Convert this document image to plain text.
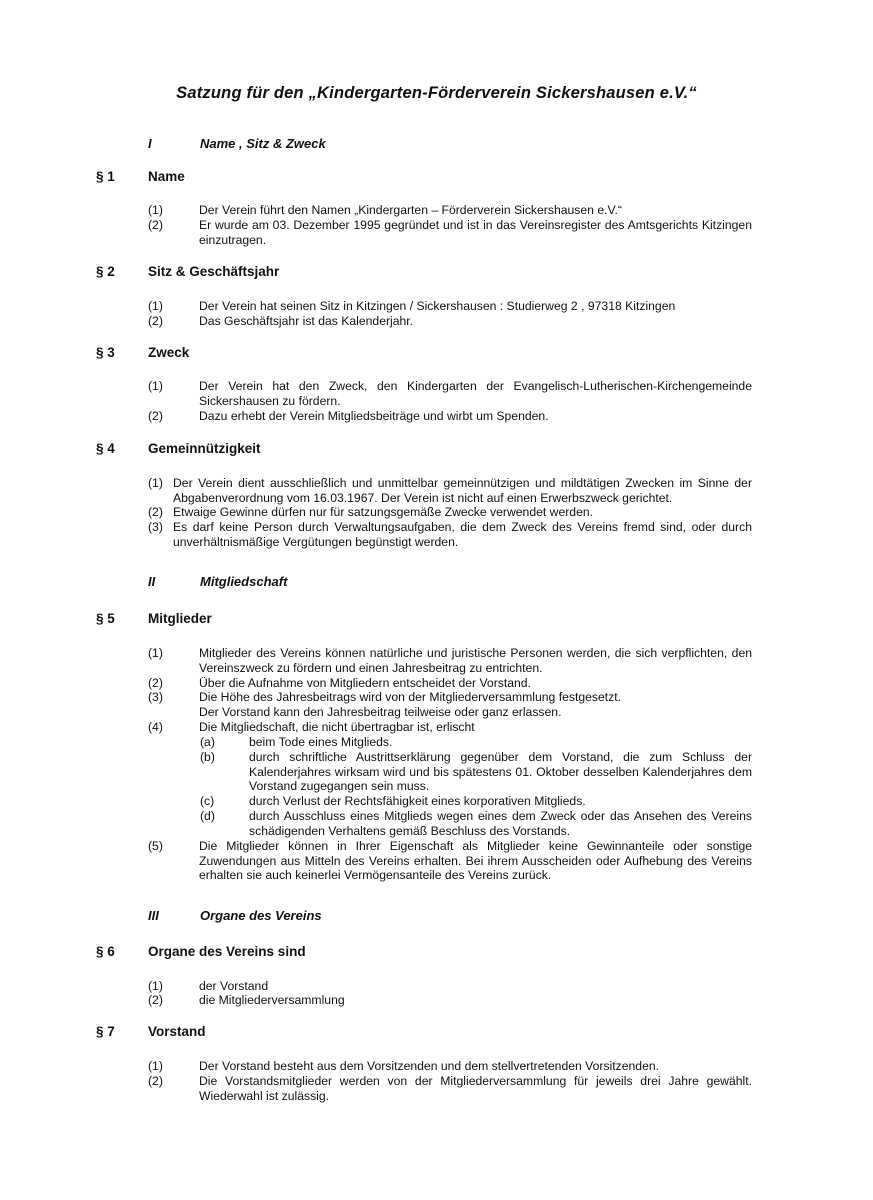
Satzung für den „Kindergarten-Förderverein Sickershausen e.V.“
I	Name , Sitz & Zweck
§ 1 Name
(1)	Der Verein führt den Namen „Kindergarten – Förderverein Sickershausen e.V.“
(2)	Er wurde am 03. Dezember 1995 gegründet und ist in das Vereinsregister des Amtsgerichts Kitzingen einzutragen.
§ 2 Sitz & Geschäftsjahr
(1)	Der Verein hat seinen Sitz in Kitzingen / Sickershausen : Studierweg 2 , 97318 Kitzingen
(2)	Das Geschäftsjahr ist das Kalenderjahr.
§ 3 Zweck
(1)	Der Verein hat den Zweck, den Kindergarten der Evangelisch-Lutherischen-Kirchengemeinde Sickershausen zu fördern.
(2)	Dazu erhebt der Verein Mitgliedsbeiträge und wirbt um Spenden.
§ 4 Gemeinnützigkeit
(1) Der Verein dient ausschließlich und unmittelbar gemeinnützigen und mildtätigen Zwecken im Sinne der Abgabenverordnung vom 16.03.1967. Der Verein ist nicht auf einen Erwerbszweck gerichtet.
(2) Etwaige Gewinne dürfen nur für satzungsgemäße Zwecke verwendet werden.
(3) Es darf keine Person durch Verwaltungsaufgaben, die dem Zweck des Vereins fremd sind, oder durch unverhältnismäßige Vergütungen begünstigt werden.
II	Mitgliedschaft
§ 5 Mitglieder
(1)	Mitglieder des Vereins können natürliche und juristische Personen werden, die sich verpflichten, den Vereinszweck zu fördern und einen Jahresbeitrag zu entrichten.
(2)	Über die Aufnahme von Mitgliedern entscheidet der Vorstand.
(3)	Die Höhe des Jahresbeitrags wird von der Mitgliederversammlung festgesetzt.
Der Vorstand kann den Jahresbeitrag teilweise oder ganz erlassen.
(4)	Die Mitgliedschaft, die nicht übertragbar ist, erlischt
(a)	beim Tode eines Mitglieds.
(b)	durch schriftliche Austrittserklärung gegenüber dem Vorstand, die zum Schluss der Kalenderjahres wirksam wird und bis spätestens 01. Oktober desselben Kalenderjahres dem Vorstand zugegangen sein muss.
(c)	durch Verlust der Rechtsfähigkeit eines korporativen Mitglieds.
(d)	durch Ausschluss eines Mitglieds wegen eines dem Zweck oder das Ansehen des Vereins schädigenden Verhaltens gemäß Beschluss des Vorstands.
(5)	Die Mitglieder können in Ihrer Eigenschaft als Mitglieder keine Gewinnanteile oder sonstige Zuwendungen aus Mitteln des Vereins erhalten. Bei ihrem Ausscheiden oder Aufhebung des Vereins erhalten sie auch keinerlei Vermögensanteile des Vereins zurück.
III	Organe des Vereins
§ 6 Organe des Vereins sind
(1)	der Vorstand
(2)	die Mitgliederversammlung
§ 7 Vorstand
(1)	Der Vorstand besteht aus dem Vorsitzenden und dem stellvertretenden Vorsitzenden.
(2)	Die Vorstandsmitglieder werden von der Mitgliederversammlung für jeweils drei Jahre gewählt. Wiederwahl ist zulässig.
